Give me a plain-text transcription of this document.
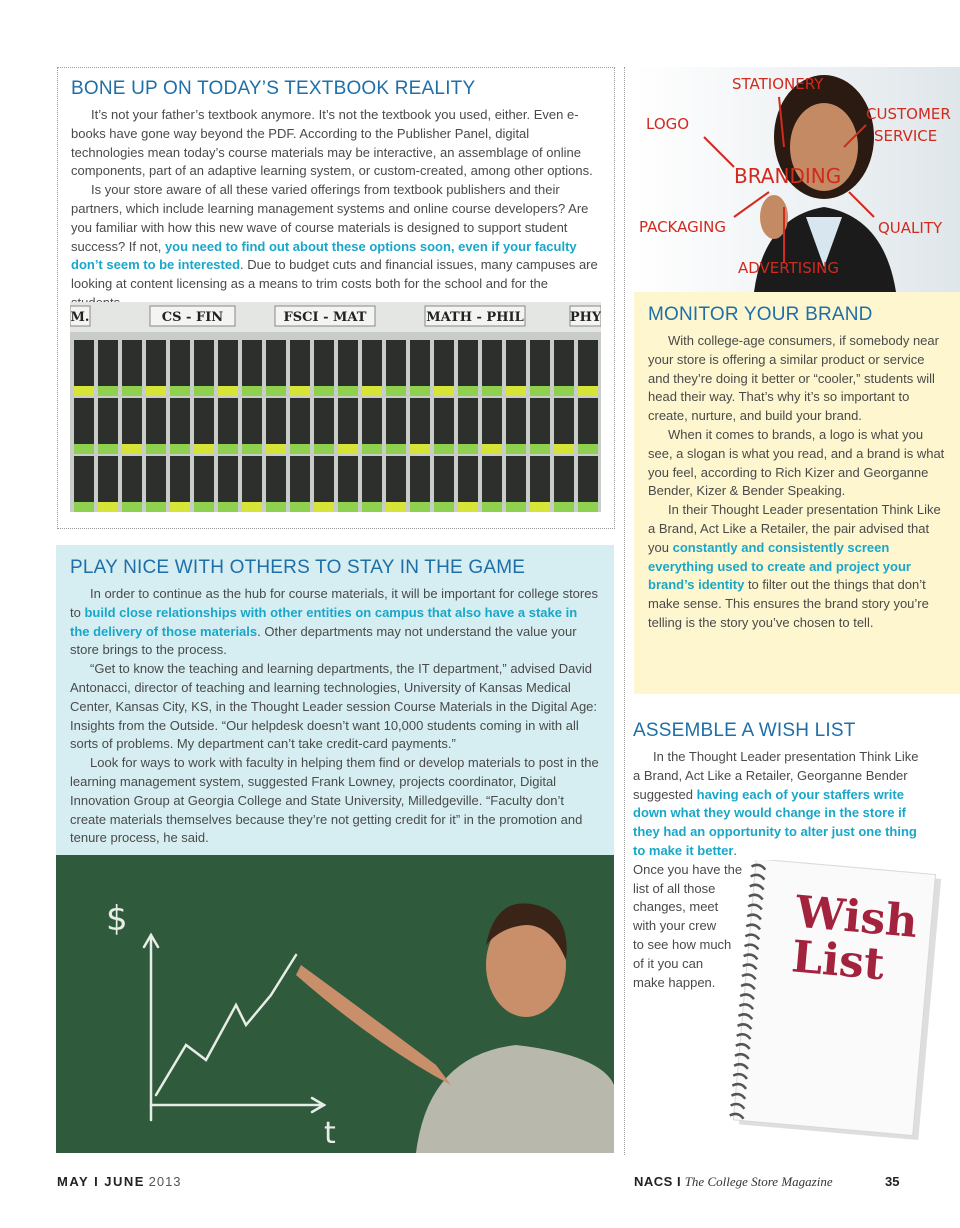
BONE UP ON TODAY’S TEXTBOOK REALITY

It’s not your father’s textbook anymore. It’s not the textbook you used, either. Even e-books have gone way beyond the PDF. According to the Publisher Panel, digital technologies mean today’s course materials may be interactive, an assemblage of online components, part of an adaptive learning system, or custom-created, among other options.

Is your store aware of all these varied offerings from textbook publishers and their partners, which include learning management systems and online course developers? Are you familiar with how this new wave of course materials is designed to support student success? If not, you need to find out about these options soon, even if your faculty don’t seem to be interested. Due to budget cuts and financial issues, many campuses are looking at content licensing as a means to trim costs both for the school and for the

M.	CS - FIN	FSCI - MAT	MATH - PHIL	PHY
STATIONERY
LOGO
CUSTOMER
SERVICE
BRANDING
PACKAGING	QUALITY
ADVERTISING
MONITOR YOUR BRAND

With college-age consumers, if somebody near your store is offering a similar product or service and they’re doing it better or “cooler,” students will head their way. That’s why it’s so important to create, nurture, and build your brand.

When it comes to brands, a logo is what you see, a slogan is what you read, and a brand is what you feel, according to Rich Kizer and Georganne Bender, Kizer & Bender Speaking.

In their Thought Leader presentation Think Like a Brand, Act Like a Retailer, the pair advised that you constantly and consistently screen everything used to create and project your brand’s identity to filter out the things that don’t make sense. This ensures the brand story you’re telling is the story you’ve chosen to tell.

PLAY NICE WITH OTHERS TO STAY IN THE GAME

In order to continue as the hub for course materials, it will be important for college stores to build close relationships with other entities on campus that also have a stake in the delivery of those materials. Other departments may not understand the value your store brings to the process.

“Get to know the teaching and learning departments, the IT department,” advised David Antonacci, director of teaching and learning technologies, University of Kansas Medical Center, Kansas City, KS, in the Thought Leader session Course Materials in the Digital Age: Insights from the Outside. “Our helpdesk doesn’t want 10,000 students coming in with all sorts of problems. My department can’t take credit-card payments.”

Look for ways to work with faculty in helping them find or develop materials to post in the learning management system, suggested Frank Lowney, projects coordinator, Digital Innovation Group at Georgia College and State University, Milledgeville. “Faculty don’t create materials themselves because they’re not getting credit for it” in the promotion and tenure process, he said.

$
t
ASSEMBLE A WISH LIST

In the Thought Leader presentation Think Like a Brand, Act Like a Retailer, Georganne Bender suggested having each of your staffers write down what they would change in the store if they had an opportunity to alter just one thing to make it better.

Once you have the
list of all those
changes, meet
with your crew
to see how much
of it you can
make happen.
Wish
List
MAY I JUNE 2013	NACS I The College Store Magazine	35
